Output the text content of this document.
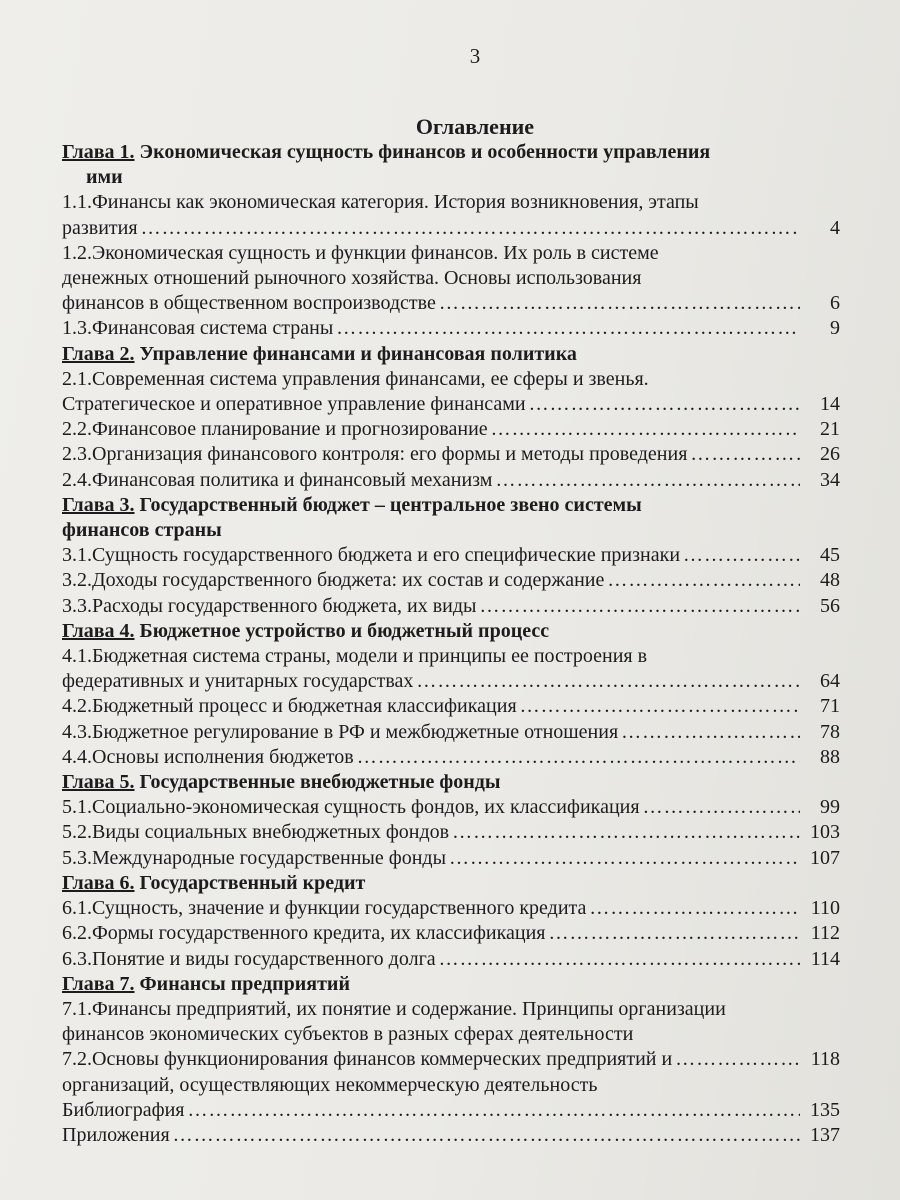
3
Оглавление
Глава 1. Экономическая сущность финансов и особенности управления
ими
1.1.Финансы как экономическая категория. История возникновения, этапы
развития …………………………………………………………………………………………………………………………………………………………………………	4
1.2.Экономическая сущность и функции финансов. Их роль в системе
денежных отношений рыночного хозяйства. Основы использования
финансов в общественном воспроизводстве …………………………………………………………………………………………………………………………………………………………………………	6
1.3.Финансовая система страны …………………………………………………………………………………………………………………………………………………………………………	9
Глава 2. Управление финансами и финансовая политика
2.1.Современная система управления финансами, ее сферы и звенья.
Стратегическое и оперативное управление финансами …………………………………………………………………………………………………………………………………………………………………………	14
2.2.Финансовое планирование и прогнозирование …………………………………………………………………………………………………………………………………………………………………………	21
2.3.Организация финансового контроля: его формы и методы проведения …………………………………………………………………………………………………………………………………………………………………………	26
2.4.Финансовая политика и финансовый механизм …………………………………………………………………………………………………………………………………………………………………………	34
Глава 3. Государственный бюджет – центральное звено системы
финансов страны
3.1.Сущность государственного бюджета и его специфические признаки …………………………………………………………………………………………………………………………………………………………………………	45
3.2.Доходы государственного бюджета: их состав и содержание …………………………………………………………………………………………………………………………………………………………………………	48
3.3.Расходы государственного бюджета, их виды …………………………………………………………………………………………………………………………………………………………………………	56
Глава 4. Бюджетное устройство и бюджетный процесс
4.1.Бюджетная система страны, модели и принципы ее построения в
федеративных и унитарных государствах …………………………………………………………………………………………………………………………………………………………………………	64
4.2.Бюджетный процесс и бюджетная классификация …………………………………………………………………………………………………………………………………………………………………………	71
4.3.Бюджетное регулирование в РФ и межбюджетные отношения …………………………………………………………………………………………………………………………………………………………………………	78
4.4.Основы исполнения бюджетов …………………………………………………………………………………………………………………………………………………………………………	88
Глава 5. Государственные внебюджетные фонды
5.1.Социально-экономическая сущность фондов, их классификация …………………………………………………………………………………………………………………………………………………………………………	99
5.2.Виды социальных внебюджетных фондов …………………………………………………………………………………………………………………………………………………………………………	103
5.3.Международные государственные фонды …………………………………………………………………………………………………………………………………………………………………………	107
Глава 6. Государственный кредит
6.1.Сущность, значение и функции государственного кредита …………………………………………………………………………………………………………………………………………………………………………	110
6.2.Формы государственного кредита, их классификация …………………………………………………………………………………………………………………………………………………………………………	112
6.3.Понятие и виды государственного долга …………………………………………………………………………………………………………………………………………………………………………	114
Глава 7. Финансы предприятий
7.1.Финансы предприятий, их понятие и содержание. Принципы организации
финансов экономических субъектов в разных сферах деятельности
7.2.Основы функционирования финансов коммерческих предприятий и …………………………………………………………………………………………………………………………………………………………………………	118
организаций, осуществляющих некоммерческую деятельность
Библиография …………………………………………………………………………………………………………………………………………………………………………	135
Приложения …………………………………………………………………………………………………………………………………………………………………………	137
